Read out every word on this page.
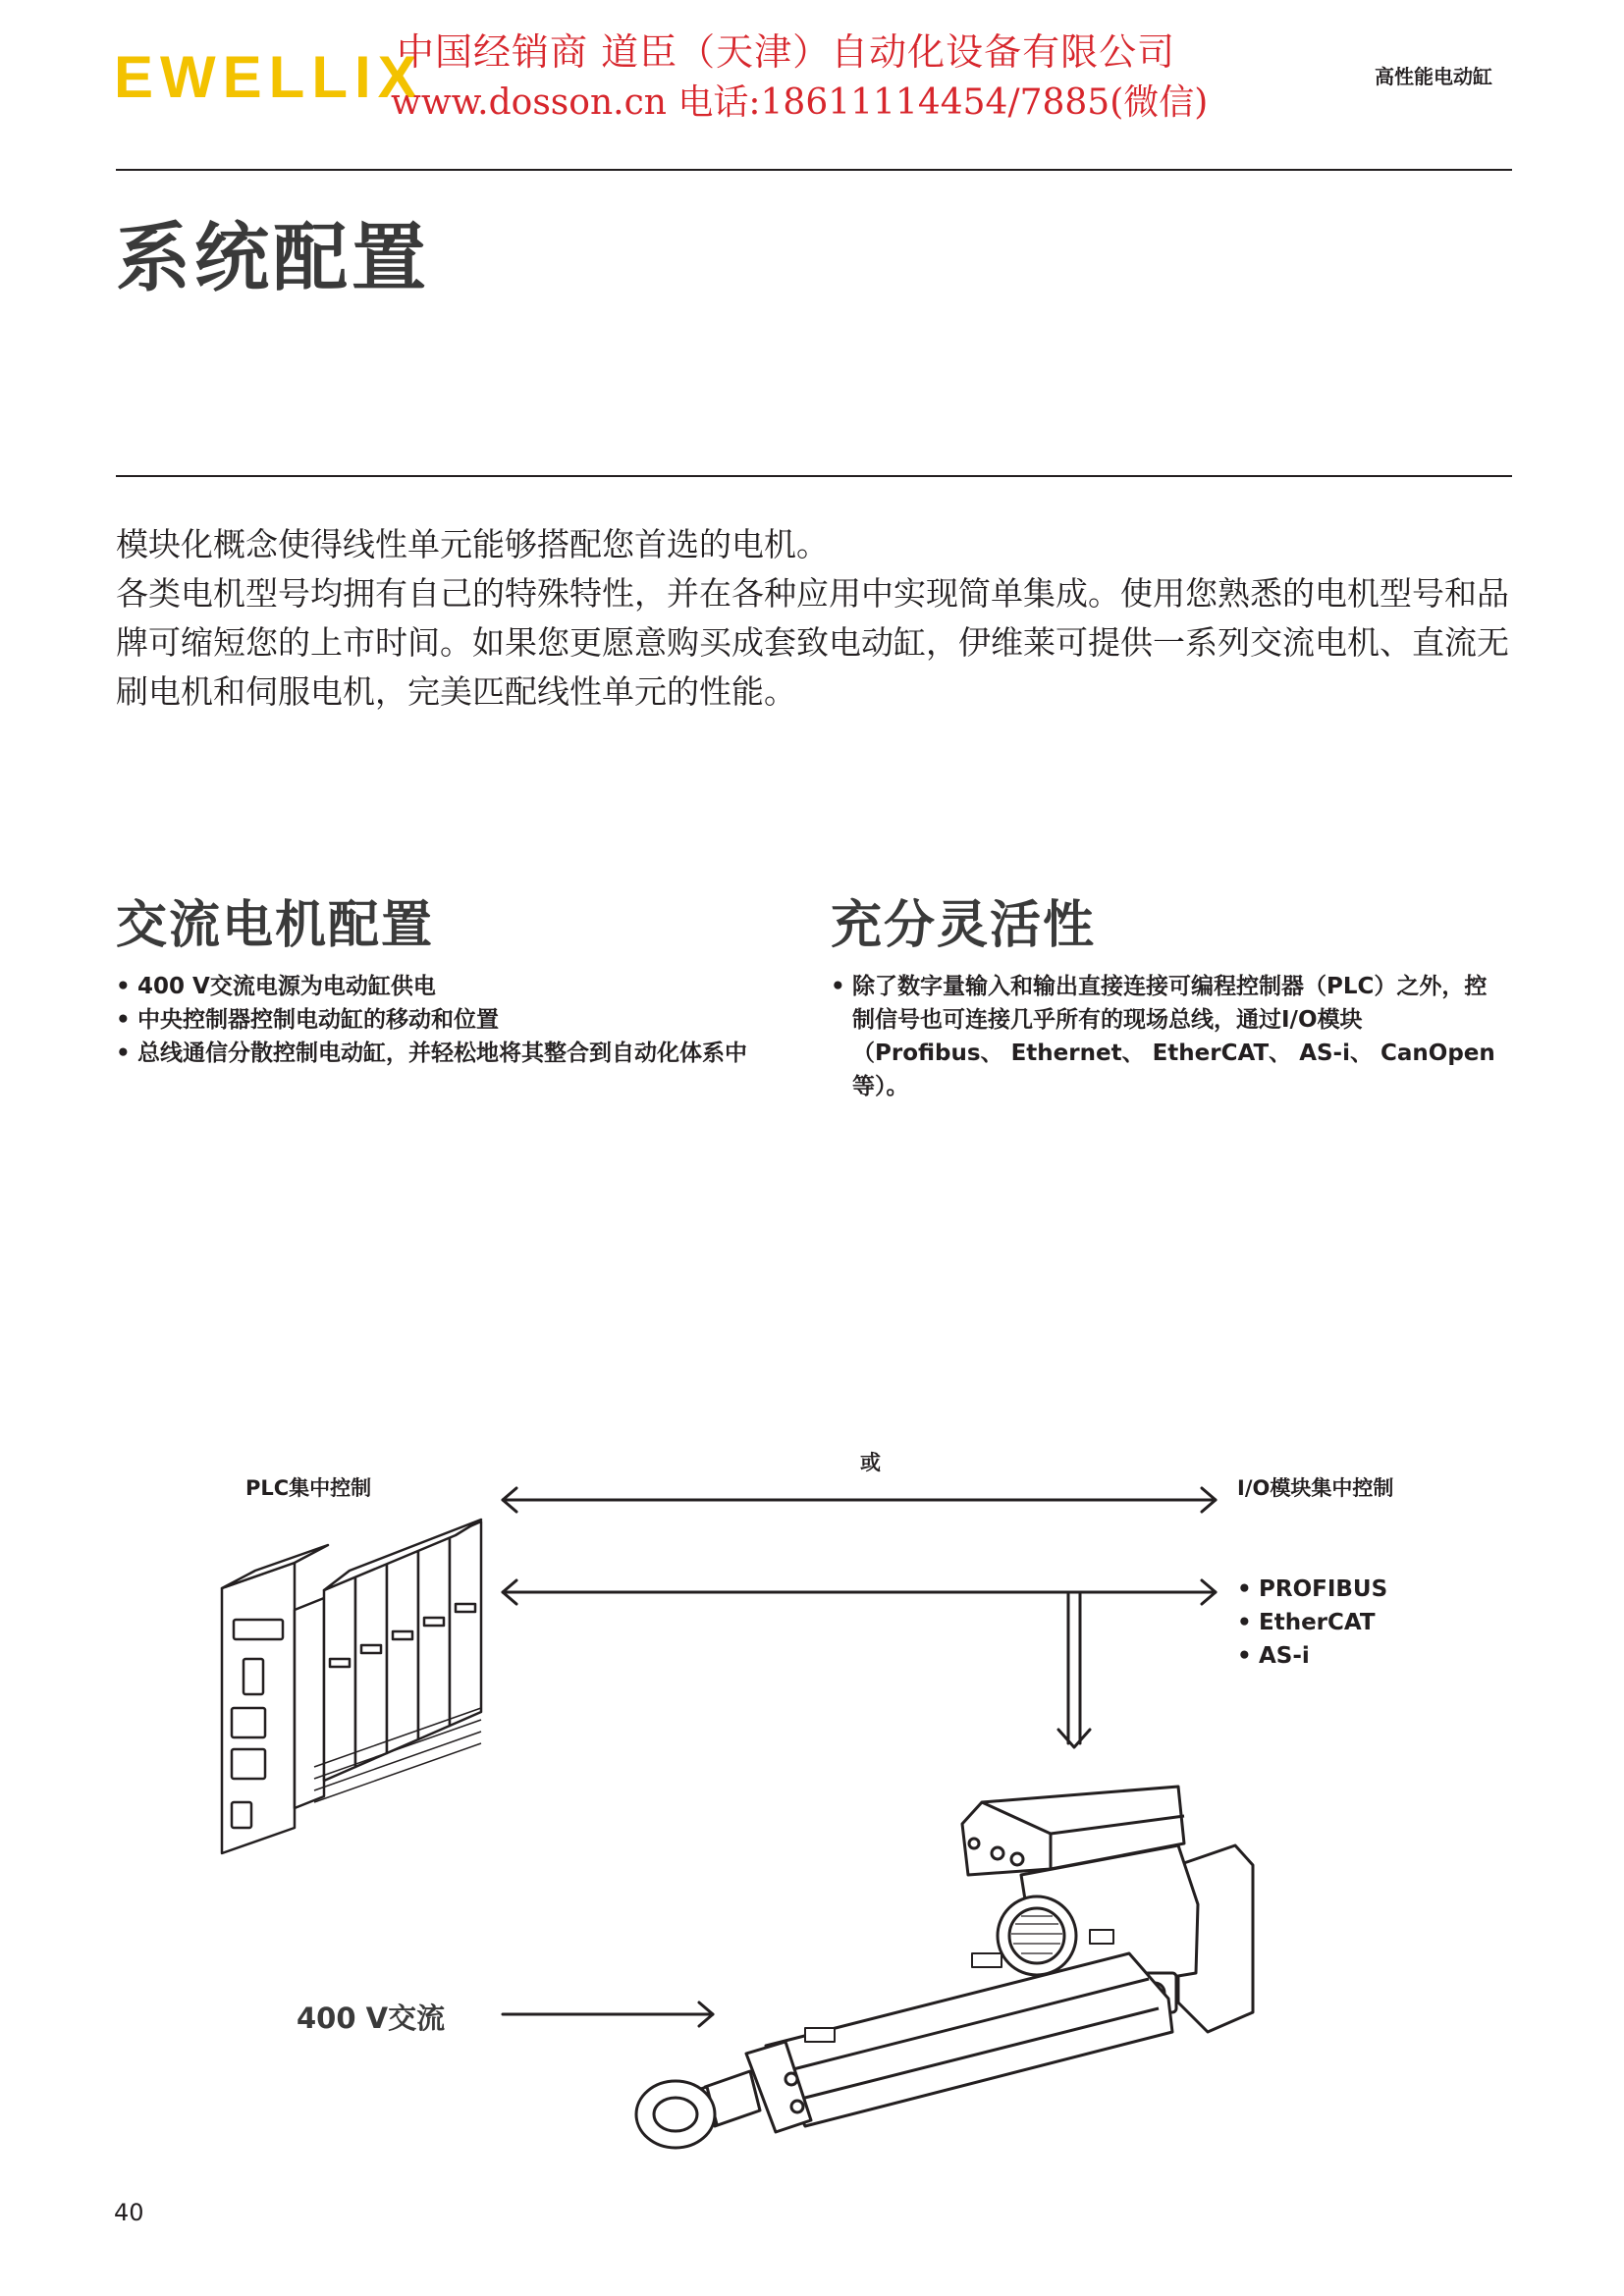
EWELLIX
中国经销商 道臣（天津）自动化设备有限公司
www.dosson.cn 电话:18611114454/7885(微信)
高性能电动缸
系统配置

模块化概念使得线性单元能够搭配您首选的电机。

各类电机型号均拥有自己的特殊特性，并在各种应用中实现简单集成。使用您熟悉的电机型号和品牌可缩短您的上市时间。如果您更愿意购买成套致电动缸，伊维莱可提供一系列交流电机、直流无刷电机和伺服电机，完美匹配线性单元的性能。

交流电机配置
• 400 V交流电源为电动缸供电
• 中央控制器控制电动缸的移动和位置
• 总线通信分散控制电动缸，并轻松地将其整合到自动化体系中
充分灵活性
• 除了数字量输入和输出直接连接可编程控制器（PLC）之外，控制信号也可连接几乎所有的现场总线，通过I/O模块（Profibus、 Ethernet、 EtherCAT、 AS-i、 CanOpen等）。
或
PLC集中控制	I/O模块集中控制
• PROFIBUS
• EtherCAT
• AS-i
400 V交流
40
